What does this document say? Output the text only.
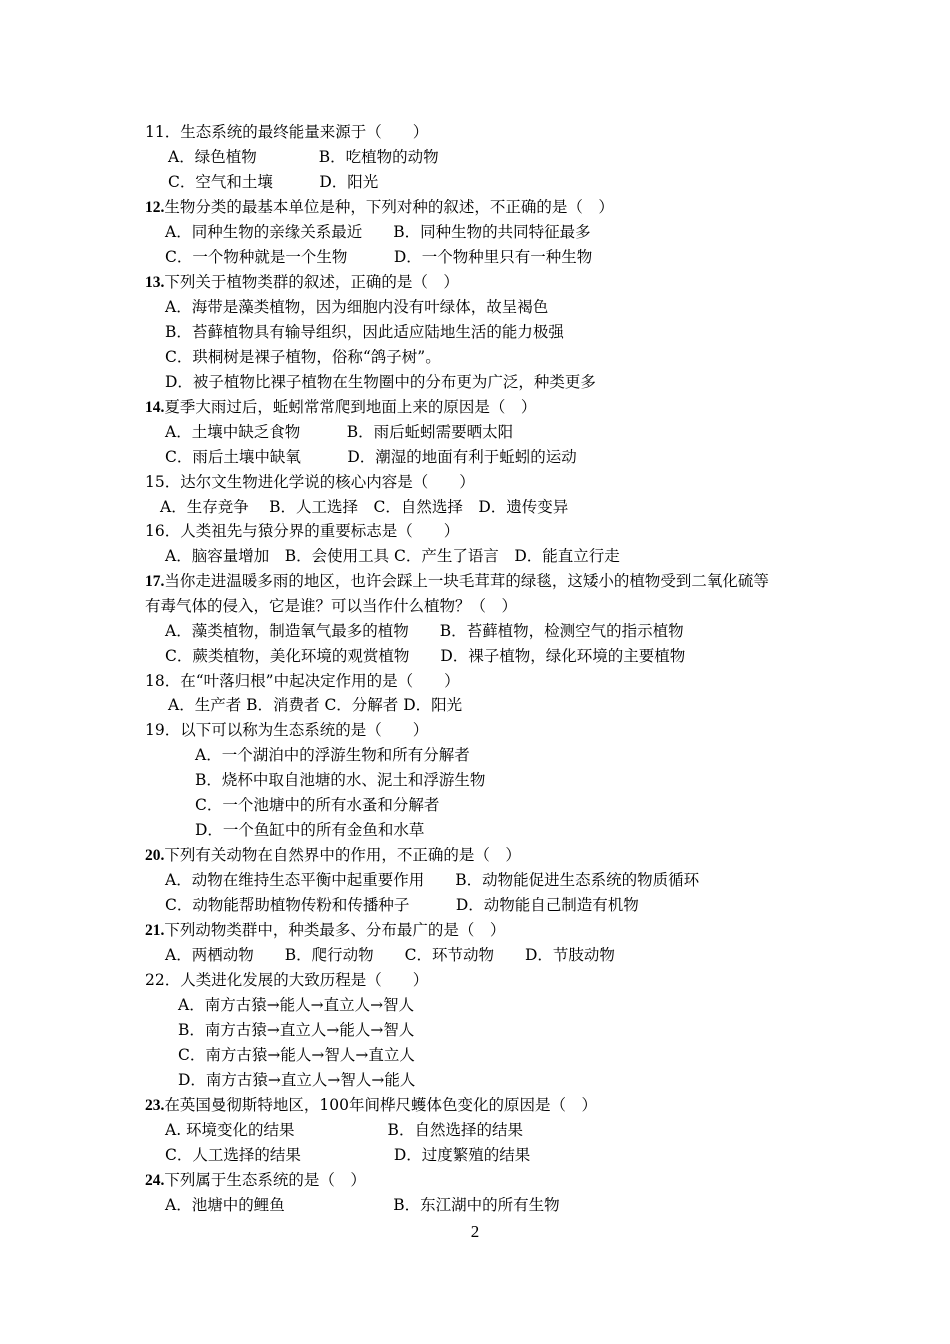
11．生态系统的最终能量来源于（　　）
A．绿色植物　　　　B．吃植物的动物
C．空气和土壤　　　D．阳光
12.生物分类的最基本单位是种，下列对种的叙述，不正确的是（　）
A．同种生物的亲缘关系最近　　B．同种生物的共同特征最多
C．一个物种就是一个生物　　　D．一个物种里只有一种生物
13.下列关于植物类群的叙述，正确的是（　）
A．海带是藻类植物，因为细胞内没有叶绿体，故呈褐色
B．苔藓植物具有输导组织，因此适应陆地生活的能力极强
C．珙桐树是裸子植物，俗称“鸽子树”。
D．被子植物比裸子植物在生物圈中的分布更为广泛，种类更多
14.夏季大雨过后，蚯蚓常常爬到地面上来的原因是（　）
A．土壤中缺乏食物　　　B．雨后蚯蚓需要晒太阳
C．雨后土壤中缺氧　　　D．潮湿的地面有利于蚯蚓的运动
15．达尔文生物进化学说的核心内容是（　　）
A．生存竞争　 B．人工选择　C．自然选择　D．遗传变异
16．人类祖先与猿分界的重要标志是（　　）
A．脑容量增加　B．会使用工具 C．产生了语言　D．能直立行走
17.当你走进温暖多雨的地区，也许会踩上一块毛茸茸的绿毯，这矮小的植物受到二氧化硫等
有毒气体的侵入，它是谁？可以当作什么植物？（　）
A．藻类植物，制造氧气最多的植物　　B．苔藓植物，检测空气的指示植物
C．蕨类植物，美化环境的观赏植物　　D．裸子植物，绿化环境的主要植物
18．在“叶落归根”中起决定作用的是（　　）
A．生产者 B．消费者 C．分解者 D．阳光
19．以下可以称为生态系统的是（　　）
A．一个湖泊中的浮游生物和所有分解者
B．烧杯中取自池塘的水、泥土和浮游生物
C．一个池塘中的所有水蚤和分解者
D．一个鱼缸中的所有金鱼和水草
20.下列有关动物在自然界中的作用，不正确的是（　）
A．动物在维持生态平衡中起重要作用　　B．动物能促进生态系统的物质循环
C．动物能帮助植物传粉和传播种子　　　D．动物能自己制造有机物
21.下列动物类群中，种类最多、分布最广的是（　）
A．两栖动物　　B．爬行动物　　C．环节动物　　D．节肢动物
22．人类进化发展的大致历程是（　　）
A．南方古猿→能人→直立人→智人
B．南方古猿→直立人→能人→智人
C．南方古猿→能人→智人→直立人
D．南方古猿→直立人→智人→能人
23.在英国曼彻斯特地区，100年间桦尺蠖体色变化的原因是（　）
A. 环境变化的结果　　　　　　B．自然选择的结果
C．人工选择的结果　　　　　　D．过度繁殖的结果
24.下列属于生态系统的是（　）
A．池塘中的鲤鱼　　　　　　　B．东江湖中的所有生物
2
